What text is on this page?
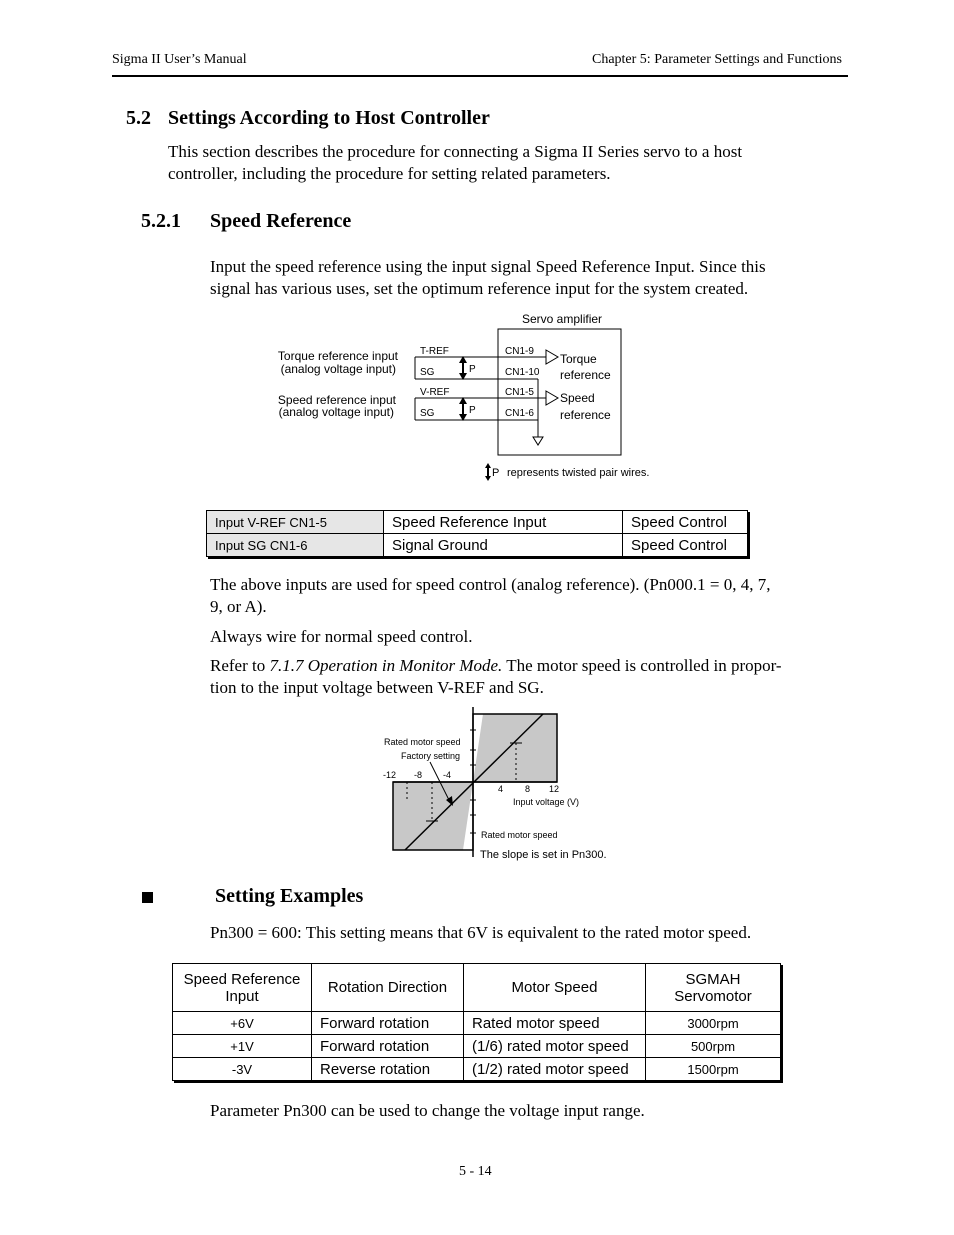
Sigma II User’s Manual	Chapter 5: Parameter Settings and Functions
5.2 Settings According to Host Controller
This section describes the procedure for connecting a Sigma II Series servo to a host
controller, including the procedure for setting related parameters.
5.2.1 Speed Reference
Input the speed reference using the input signal Speed Reference Input. Since this
signal has various uses, set the optimum reference input for the system created.
Servo amplifier
Torque reference input
(analog voltage input)
Speed reference input
(analog voltage input)
T-REF
SG
V-REF
SG
P
P
CN1-9
CN1-10
CN1-5
CN1-6
Torque
reference
Speed
reference
P represents twisted pair wires.
Input V-REF CN1-5	Speed Reference Input	Speed Control
Input SG CN1-6	Signal Ground	Speed Control
The above inputs are used for speed control (analog reference). (Pn000.1 = 0, 4, 7,
9, or A).
Always wire for normal speed control.
Refer to 7.1.7 Operation in Monitor Mode. The motor speed is controlled in propor-
tion to the input voltage between V-REF and SG.
Rated motor speed
Factory setting
-12 -8 -4
4 8 12
Input voltage (V)
Rated motor speed
The slope is set in Pn300.
Setting Examples
Pn300 = 600: This setting means that 6V is equivalent to the rated motor speed.
Speed Reference Input	Rotation Direction	Motor Speed	SGMAH Servomotor
+6V	Forward rotation	Rated motor speed	3000rpm
+1V	Forward rotation	(1/6) rated motor speed	500rpm
-3V	Reverse rotation	(1/2) rated motor speed	1500rpm
Parameter Pn300 can be used to change the voltage input range.
5 - 14
